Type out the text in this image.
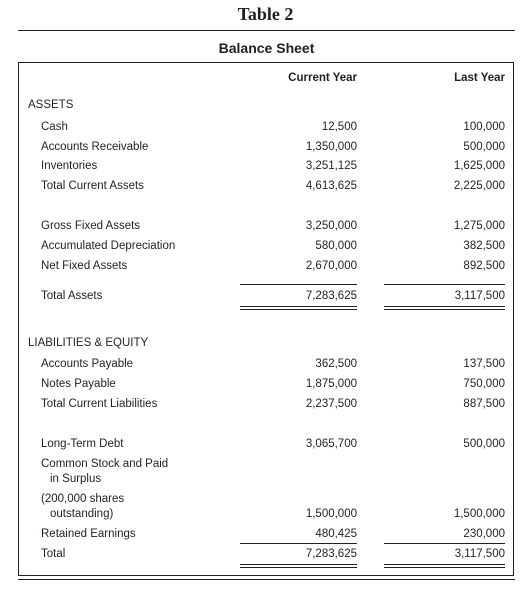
Table 2
Balance Sheet
Current Year	Last Year
ASSETS
Cash	12,500	100,000
Accounts Receivable	1,350,000	500,000
Inventories	3,251,125	1,625,000
Total Current Assets	4,613,625	2,225,000
Gross Fixed Assets	3,250,000	1,275,000
Accumulated Depreciation	580,000	382,500
Net Fixed Assets	2,670,000	892,500
Total Assets	7,283,625	3,117,500
LIABILITIES & EQUITY
Accounts Payable	362,500	137,500
Notes Payable	1,875,000	750,000
Total Current Liabilities	2,237,500	887,500
Long-Term Debt	3,065,700	500,000
Common Stock and Paid
in Surplus
(200,000 shares
outstanding)	1,500,000	1,500,000
Retained Earnings	480,425	230,000
Total	7,283,625	3,117,500
